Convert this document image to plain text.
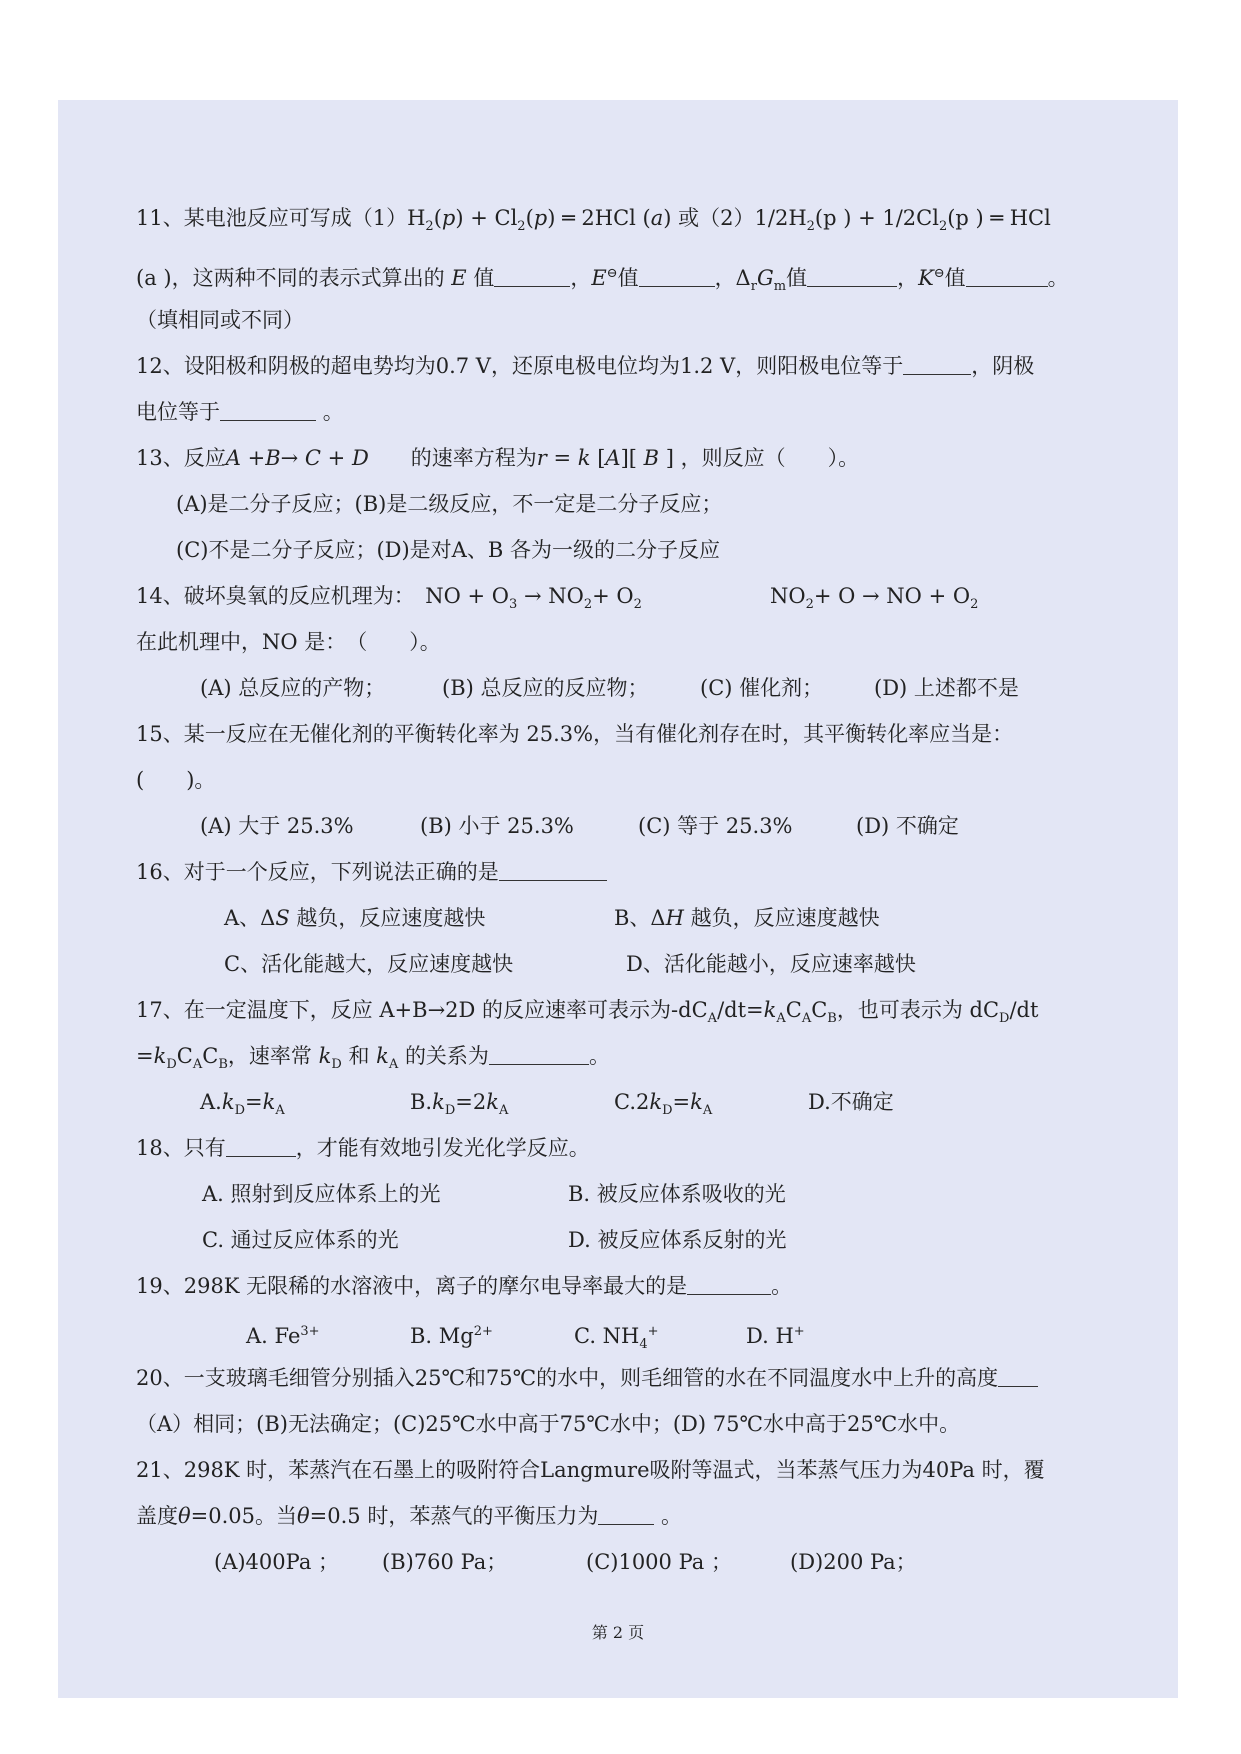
11、某电池反应可写成$(1)H_2(p) + Cl_2(p)$ ═ 2HCl (a) 或$(2)1/2H_2(p$ ) + $1/2Cl_2(p$ ) ═ HCl
(a )，这两种不同的表示式算出的 E 值	，E⊖值	，$\Delta_rG_m$值	，K⊖值	。
（填相同或不同）
12、设阳极和阴极的超电势均为0.7 V，还原电极电位均为1.2 V，则阳极电位等于	，阴极
电位等于	。
13、反应A +B→ C + D　　 的速率方程为r = k [A][ B ] ，则反应（　　）。
(A)是二分子反应；(B)是二级反应，不一定是二分子反应；
(C)不是二分子反应；(D)是对A、B 各为一级的二分子反应
14、破坏臭氧的反应机理为：　NO + $O_3 \to NO_2+ O_2$	$NO_2+ O$ → NO + $O_2$
在此机理中，NO 是：　（　　）。
(A) 总反应的产物；	(B) 总反应的反应物； (C) 催化剂； (D) 上述都不是
15、某一反应在无催化剂的平衡转化率为 25.3%，当有催化剂存在时，其平衡转化率应当是：
(　　)。
(A) 大于 25.3%	(B) 小于 25.3%	(C) 等于 25.3%	(D) 不确定
16、对于一个反应，下列说法正确的是
A、ΔS 越负，反应速度越快	B、ΔH 越负，反应速度越快
C、活化能越大，反应速度越快	D、活化能越小，反应速率越快
17、在一定温度下，反应 A+B→2D 的反应速率可表示为$-dC_A/dt=k_AC_AC_B$，也可表示为 $dC_D/dt$
$=k_DC_AC_B$，速率常 $k_D$ 和 $k_A$ 的关系为	。
$A.k_D=k_A$	$B.k_D=2k_A$	$C.2k_D=k_A$	D.不确定
18、只有	，才能有效地引发光化学反应。
A. 照射到反应体系上的光	B. 被反应体系吸收的光
C. 通过反应体系的光	D. 被反应体系反射的光
19、298K 无限稀的水溶液中，离子的摩尔电导率最大的是	。
A. $Fe^{3+}$	B. $Mg^{2+}$	C. $NH_4^+$	D. H+
20、一支玻璃毛细管分别插入25℃和75℃的水中，则毛细管的水在不同温度水中上升的高度
（A）相同；(B)无法确定；(C)25℃水中高于75℃水中；(D) 75℃水中高于25℃水中。
21、298K 时，苯蒸汽在石墨上的吸附符合Langmure吸附等温式，当苯蒸气压力为40Pa 时，覆
盖度θ=0.05。当θ=0.5 时，苯蒸气的平衡压力为	。
(A)400Pa ； (B)760 Pa；	(C)1000 Pa ；	(D)200 Pa；
第 2 页
